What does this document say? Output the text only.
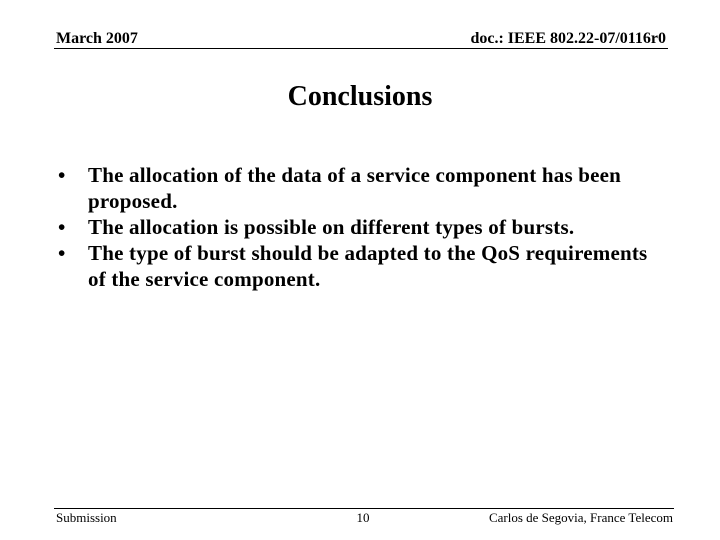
March 2007	doc.: IEEE 802.22-07/0116r0
Conclusions
•	The allocation of the data of a service component has been proposed.
•	The allocation is possible on different types of bursts.
•	The type of burst should be adapted to the QoS requirements of the service component.
Submission	10	Carlos de Segovia, France Telecom
